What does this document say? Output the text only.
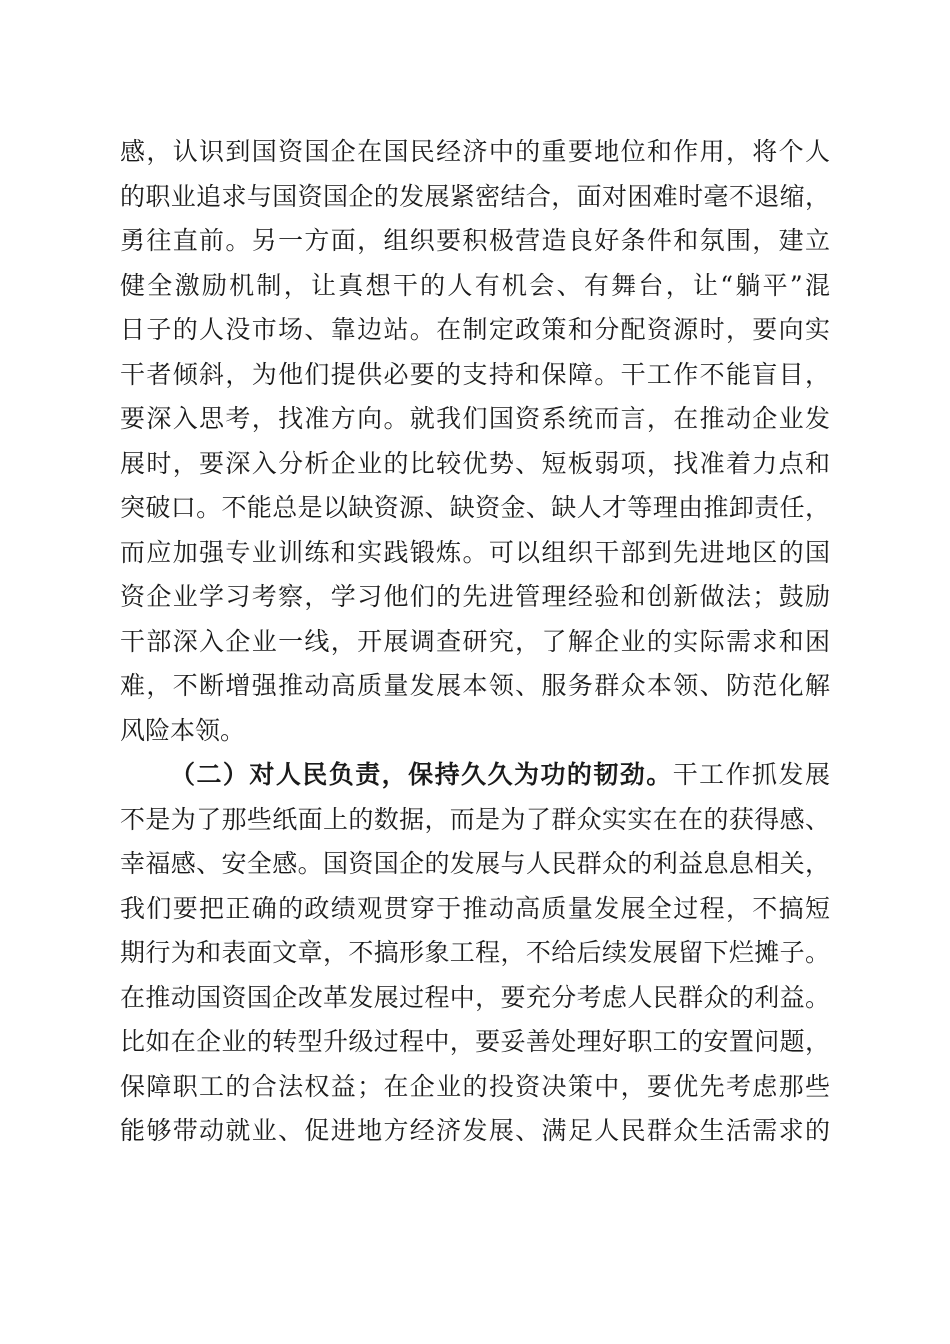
感，认识到国资国企在国民经济中的重要地位和作用，将个人
的职业追求与国资国企的发展紧密结合，面对困难时毫不退缩，
勇往直前。另一方面，组织要积极营造良好条件和氛围，建立
健全激励机制，让真想干的人有机会、有舞台，让“躺平”混
日子的人没市场、靠边站。在制定政策和分配资源时，要向实
干者倾斜，为他们提供必要的支持和保障。干工作不能盲目，
要深入思考，找准方向。就我们国资系统而言，在推动企业发
展时，要深入分析企业的比较优势、短板弱项，找准着力点和
突破口。不能总是以缺资源、缺资金、缺人才等理由推卸责任，
而应加强专业训练和实践锻炼。可以组织干部到先进地区的国
资企业学习考察，学习他们的先进管理经验和创新做法；鼓励
干部深入企业一线，开展调查研究，了解企业的实际需求和困
难，不断增强推动高质量发展本领、服务群众本领、防范化解
风险本领。
（二）对人民负责，保持久久为功的韧劲。干工作抓发展
不是为了那些纸面上的数据，而是为了群众实实在在的获得感、
幸福感、安全感。国资国企的发展与人民群众的利益息息相关，
我们要把正确的政绩观贯穿于推动高质量发展全过程，不搞短
期行为和表面文章，不搞形象工程，不给后续发展留下烂摊子。
在推动国资国企改革发展过程中，要充分考虑人民群众的利益。
比如在企业的转型升级过程中，要妥善处理好职工的安置问题，
保障职工的合法权益；在企业的投资决策中，要优先考虑那些
能够带动就业、促进地方经济发展、满足人民群众生活需求的
